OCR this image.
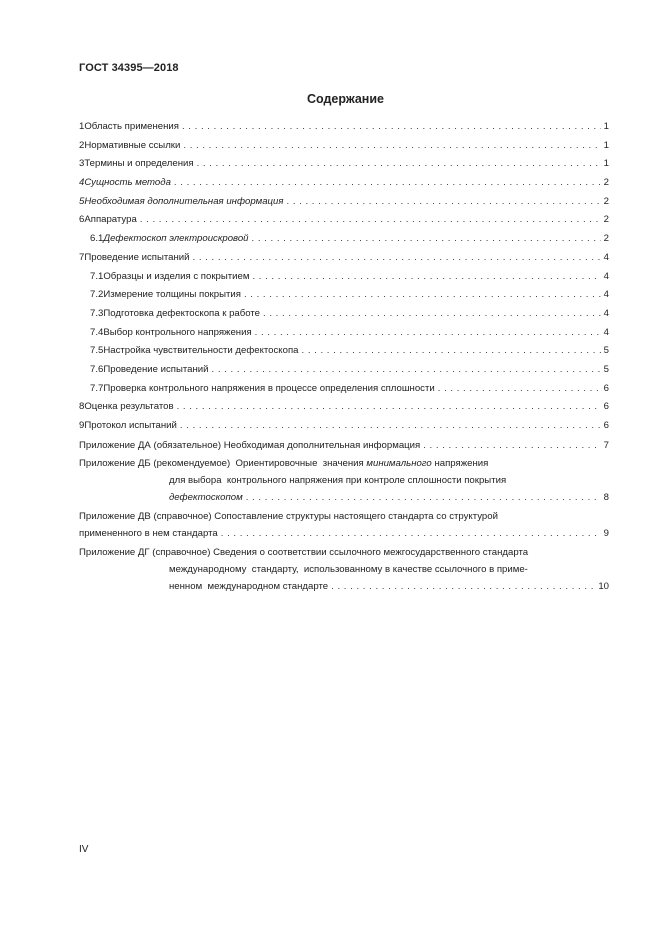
ГОСТ 34395—2018
Содержание
1 Область применения . . .	1
2 Нормативные ссылки . . .	1
3 Термины и определения . . .	1
4 Сущность метода . . .	2
5 Необходимая дополнительная информация . . .	2
6 Аппаратура . . .	2
6.1 Дефектоскоп электроискровой . . .	2
7 Проведение испытаний . . .	4
7.1 Образцы и изделия с покрытием . . .	4
7.2 Измерение толщины покрытия . . .	4
7.3 Подготовка дефектоскопа к работе . . .	4
7.4 Выбор контрольного напряжения . . .	4
7.5 Настройка чувствительности дефектоскопа . . .	5
7.6 Проведение испытаний . . .	5
7.7 Проверка контрольного напряжения в процессе определения сплошности . . .	6
8 Оценка результатов . . .	6
9 Протокол испытаний . . .	6
Приложение ДА (обязательное) Необходимая дополнительная информация . . .	7
Приложение ДБ (рекомендуемое)  Ориентировочные  значения минимального напряжения
для выбора  контрольного напряжения при контроле сплошности покрытия
дефектоскопом . . .	8
Приложение ДВ (справочное) Сопоставление структуры настоящего стандарта со структурой
примененного в нем стандарта . . .	9
Приложение ДГ (справочное) Сведения о соответствии ссылочного межгосударственного стандарта
международному  стандарту,  использованному в качестве ссылочного в приме-
ненном  международном стандарте . . .	10
IV
